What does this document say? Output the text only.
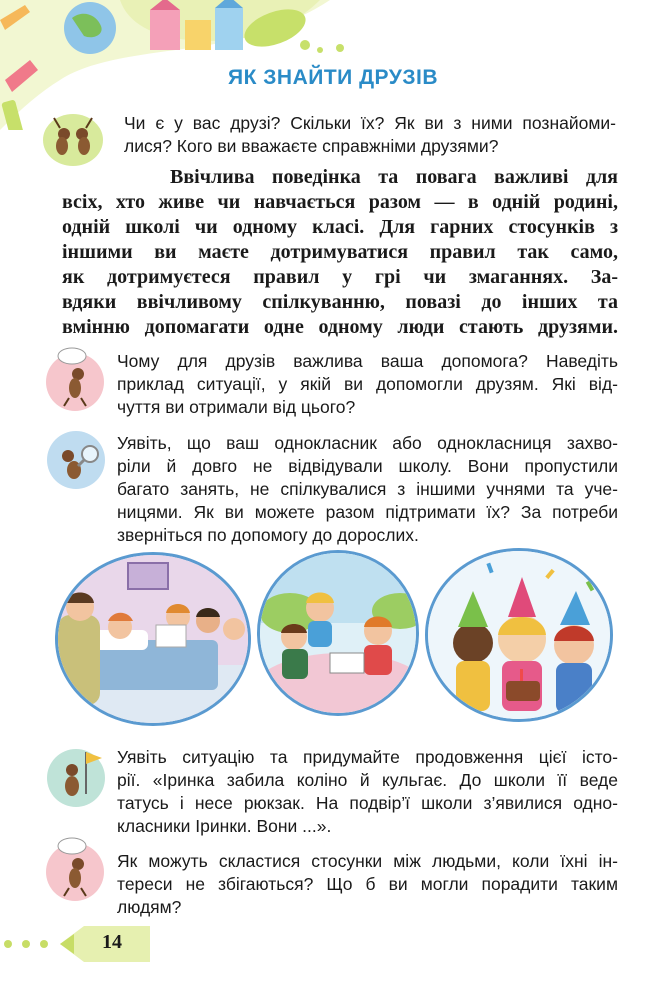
ЯК ЗНАЙТИ ДРУЗІВ
Чи є у вас друзі? Скільки їх? Як ви з ними познайоми-
лися? Кого ви вважаєте справжніми друзями?
Ввічлива поведінка та повага важливі для
всіх, хто живе чи навчається разом — в одній родині,
одній школі чи одному класі. Для гарних стосунків з
іншими ви маєте дотримуватися правил так само,
як дотримуєтеся правил у грі чи змаганнях. За-
вдяки ввічливому спілкуванню, повазі до інших та
вмінню допомагати одне одному люди стають друзями.
Чому для друзів важлива ваша допомога? Наведіть
приклад ситуації, у якій ви допомогли друзям. Які від-
чуття ви отримали від цього?
Уявіть, що ваш однокласник або однокласниця захво-
ріли й довго не відвідували школу. Вони пропустили
багато занять, не спілкувалися з іншими учнями та уче-
ницями. Як ви можете разом підтримати їх? За потреби
зверніться по допомогу до дорослих.
Уявіть ситуацію та придумайте продовження цієї істо-
рії. «Іринка забила коліно й кульгає. До школи її веде
татусь і несе рюкзак. На подвір’ї школи з’явилися одно-
класники Іринки. Вони ...».
Як можуть скластися стосунки між людьми, коли їхні ін-
тереси не збігаються? Що б ви могли порадити таким
людям?
14
